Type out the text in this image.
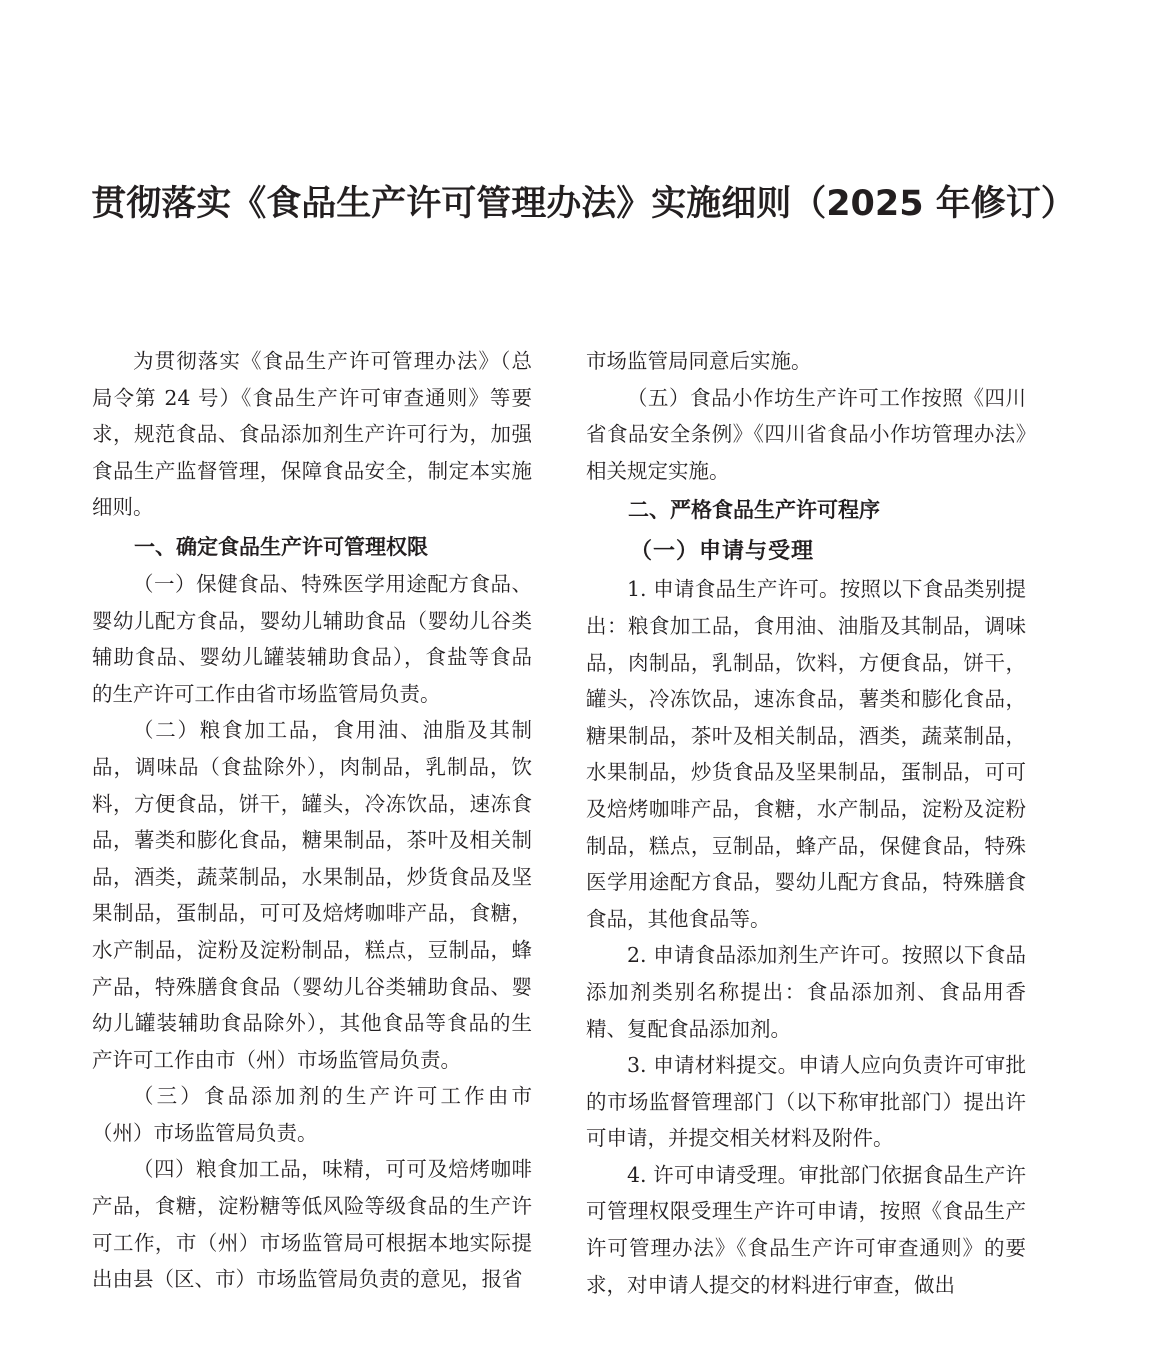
贯彻落实《食品生产许可管理办法》实施细则（2025 年修订）

为贯彻落实《食品生产许可管理办法》（总局令第 24 号）《食品生产许可审查通则》等要求，规范食品、食品添加剂生产许可行为，加强食品生产监督管理，保障食品安全，制定本实施细则。

一、确定食品生产许可管理权限

（一）保健食品、特殊医学用途配方食品、婴幼儿配方食品，婴幼儿辅助食品（婴幼儿谷类辅助食品、婴幼儿罐装辅助食品），食盐等食品的生产许可工作由省市场监管局负责。

（二）粮食加工品，食用油、油脂及其制品，调味品（食盐除外），肉制品，乳制品，饮料，方便食品，饼干，罐头，冷冻饮品，速冻食品，薯类和膨化食品，糖果制品，茶叶及相关制品，酒类，蔬菜制品，水果制品，炒货食品及坚果制品，蛋制品，可可及焙烤咖啡产品，食糖，水产制品，淀粉及淀粉制品，糕点，豆制品，蜂产品，特殊膳食食品（婴幼儿谷类辅助食品、婴幼儿罐装辅助食品除外），其他食品等食品的生产许可工作由市（州）市场监管局负责。

（三）食品添加剂的生产许可工作由市（州）市场监管局负责。

（四）粮食加工品，味精，可可及焙烤咖啡产品，食糖，淀粉糖等低风险等级食品的生产许可工作，市（州）市场监管局可根据本地实际提出由县（区、市）市场监管局负责的意见，报省

市场监管局同意后实施。

（五）食品小作坊生产许可工作按照《四川省食品安全条例》《四川省食品小作坊管理办法》相关规定实施。

二、严格食品生产许可程序
（一）申请与受理

1. 申请食品生产许可。按照以下食品类别提出：粮食加工品，食用油、油脂及其制品，调味品，肉制品，乳制品，饮料，方便食品，饼干，罐头，冷冻饮品，速冻食品，薯类和膨化食品，糖果制品，茶叶及相关制品，酒类，蔬菜制品，水果制品，炒货食品及坚果制品，蛋制品，可可及焙烤咖啡产品，食糖，水产制品，淀粉及淀粉制品，糕点，豆制品，蜂产品，保健食品，特殊医学用途配方食品，婴幼儿配方食品，特殊膳食食品，其他食品等。

2. 申请食品添加剂生产许可。按照以下食品添加剂类别名称提出：食品添加剂、食品用香精、复配食品添加剂。

3. 申请材料提交。申请人应向负责许可审批的市场监督管理部门（以下称审批部门）提出许可申请，并提交相关材料及附件。

4. 许可申请受理。审批部门依据食品生产许可管理权限受理生产许可申请，按照《食品生产许可管理办法》《食品生产许可审查通则》的要求，对申请人提交的材料进行审查，做出
